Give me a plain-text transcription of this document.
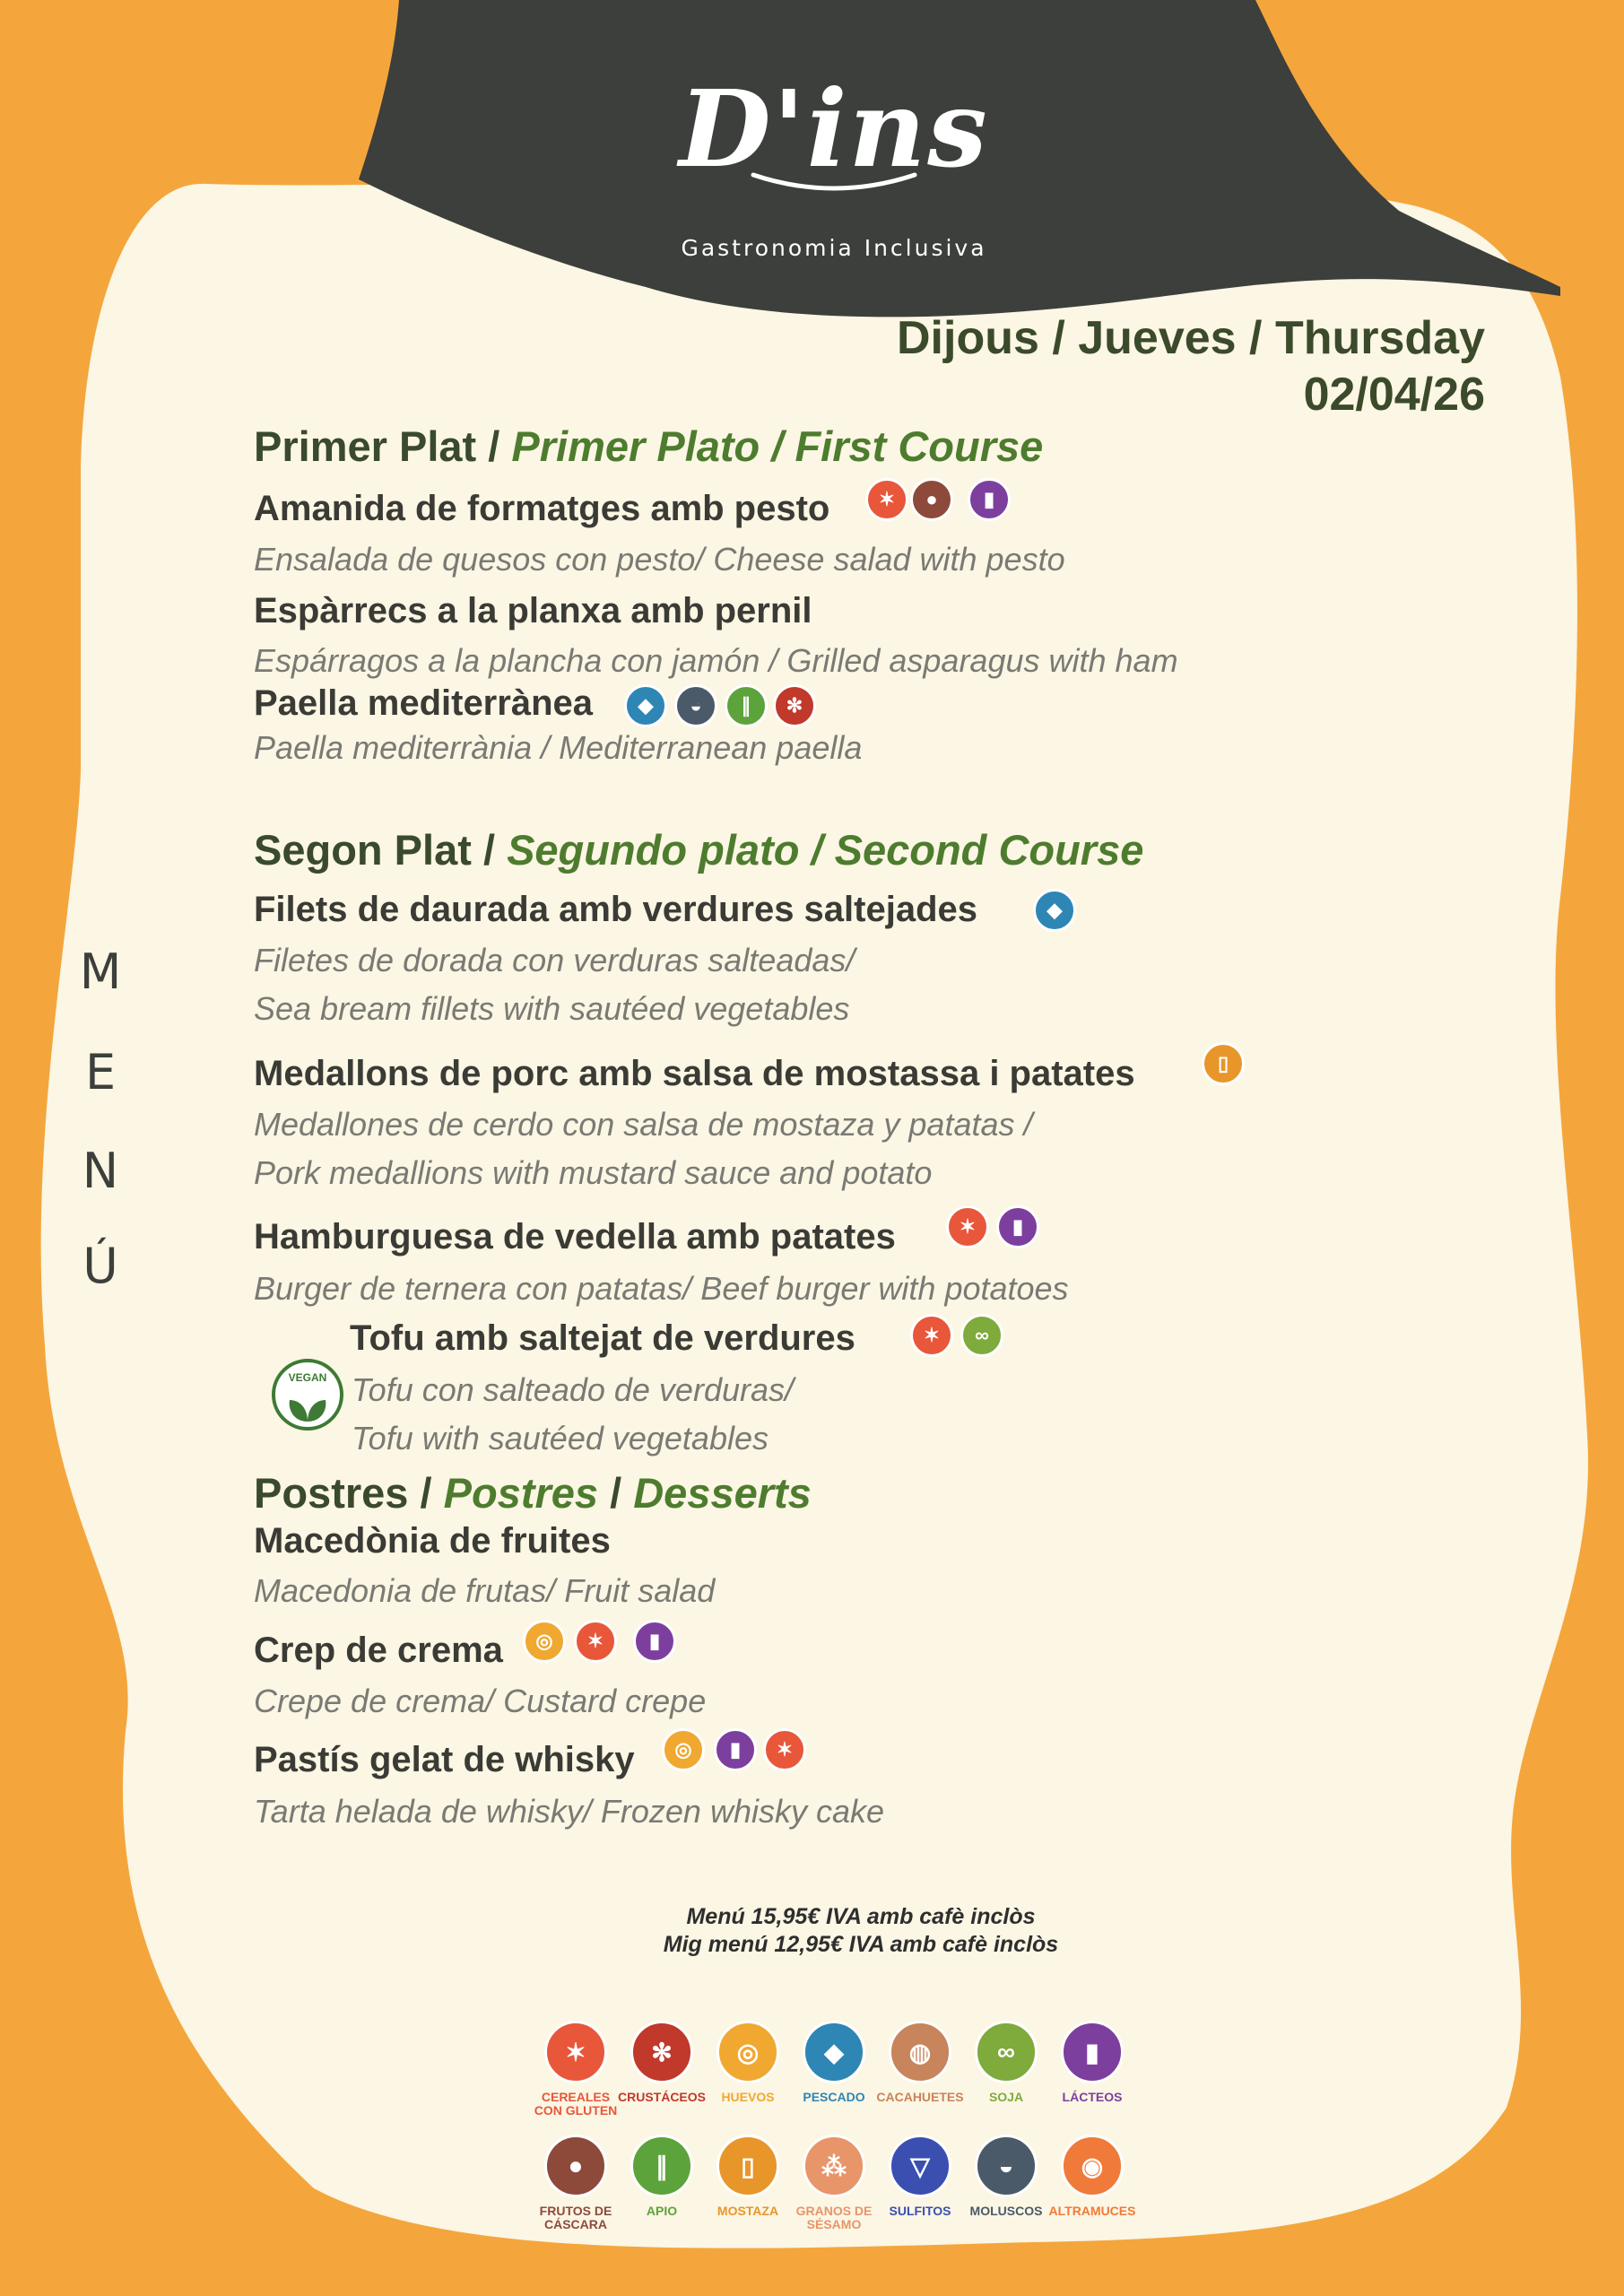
D'ins
Gastronomia Inclusiva
Dijous / Jueves / Thursday
02/04/26
M
E
N
Ú
Primer Plat / Primer Plato / First Course
Amanida de formatges amb pesto	✶	●	▮
Ensalada de quesos con pesto/ Cheese salad with pesto
Espàrrecs a la planxa amb pernil
Espárragos a la plancha con jamón / Grilled asparagus with ham
Paella mediterrànea	◆	◒	∥	✻
Paella mediterrània / Mediterranean paella
Segon Plat / Segundo plato / Second Course
Filets de daurada amb verdures saltejades	◆
Filetes de dorada con verduras salteadas/
Sea bream fillets with sautéed vegetables
Medallons de porc amb salsa de mostassa i patates	▯
Medallones de cerdo con salsa de mostaza y patatas /
Pork medallions with mustard sauce and potato
Hamburguesa de vedella amb patates	✶	▮
Burger de ternera con patatas/ Beef burger with potatoes
VEGAN
Tofu amb saltejat de verdures	✶	∞
Tofu con salteado de verduras/
Tofu with sautéed vegetables
Postres / Postres / Desserts
Macedònia de fruites
Macedonia de frutas/ Fruit salad
Crep de crema	◎	✶	▮
Crepe de crema/ Custard crepe
Pastís gelat de whisky	◎	▮	✶
Tarta helada de whisky/ Frozen whisky cake
Menú 15,95€ IVA amb cafè inclòs
Mig menú 12,95€ IVA amb cafè inclòs
✶
CEREALES
CON GLUTEN
✻
CRUSTÁCEOS
◎
HUEVOS
◆
PESCADO
◍
CACAHUETES
∞
SOJA
▮
LÁCTEOS
●
FRUTOS DE
CÁSCARA
∥
APIO
▯
MOSTAZA
⁂
GRANOS DE
SÉSAMO
▽
SULFITOS
◒
MOLUSCOS
◉
ALTRAMUCES
